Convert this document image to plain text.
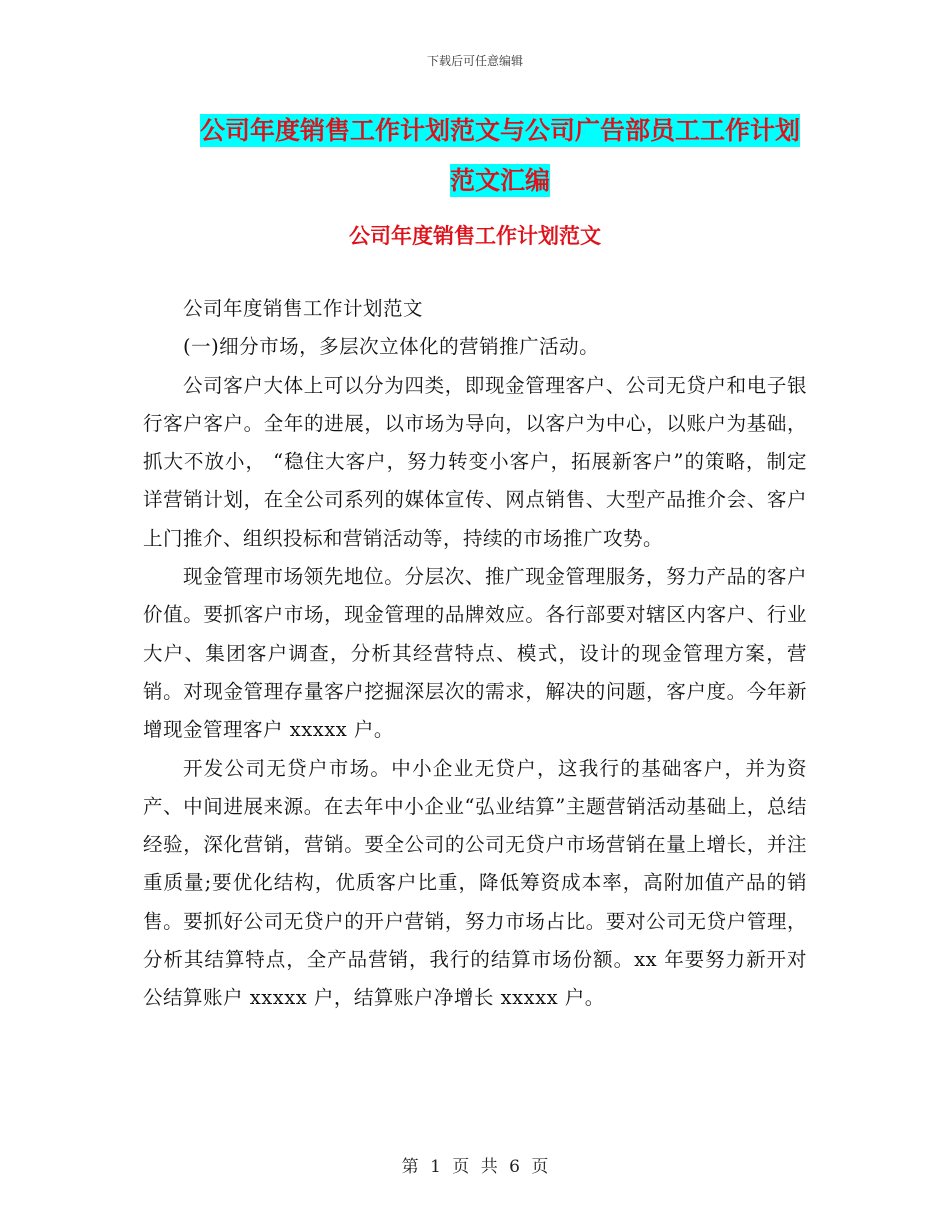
下载后可任意编辑
公司年度销售工作计划范文与公司广告部员工工作计划范文汇编
公司年度销售工作计划范文

公司年度销售工作计划范文

(一)细分市场，多层次立体化的营销推广活动。

公司客户大体上可以分为四类，即现金管理客户、公司无贷户和电子银行客户客户。全年的进展，以市场为导向，以客户为中心，以账户为基础，抓大不放小， “稳住大客户，努力转变小客户，拓展新客户”的策略，制定详营销计划，在全公司系列的媒体宣传、网点销售、大型产品推介会、客户上门推介、组织投标和营销活动等，持续的市场推广攻势。

现金管理市场领先地位。分层次、推广现金管理服务，努力产品的客户价值。要抓客户市场，现金管理的品牌效应。各行部要对辖区内客户、行业大户、集团客户调查，分析其经营特点、模式，设计的现金管理方案，营销。对现金管理存量客户挖掘深层次的需求，解决的问题，客户度。今年新增现金管理客户 xxxxx 户。

开发公司无贷户市场。中小企业无贷户，这我行的基础客户，并为资产、中间进展来源。在去年中小企业“弘业结算”主题营销活动基础上，总结经验，深化营销，营销。要全公司的公司无贷户市场营销在量上增长，并注重质量;要优化结构，优质客户比重，降低筹资成本率，高附加值产品的销售。要抓好公司无贷户的开户营销，努力市场占比。要对公司无贷户管理，分析其结算特点，全产品营销，我行的结算市场份额。xx 年要努力新开对公结算账户 xxxxx 户，结算账户净增长 xxxxx 户。

第 1 页 共 6 页
